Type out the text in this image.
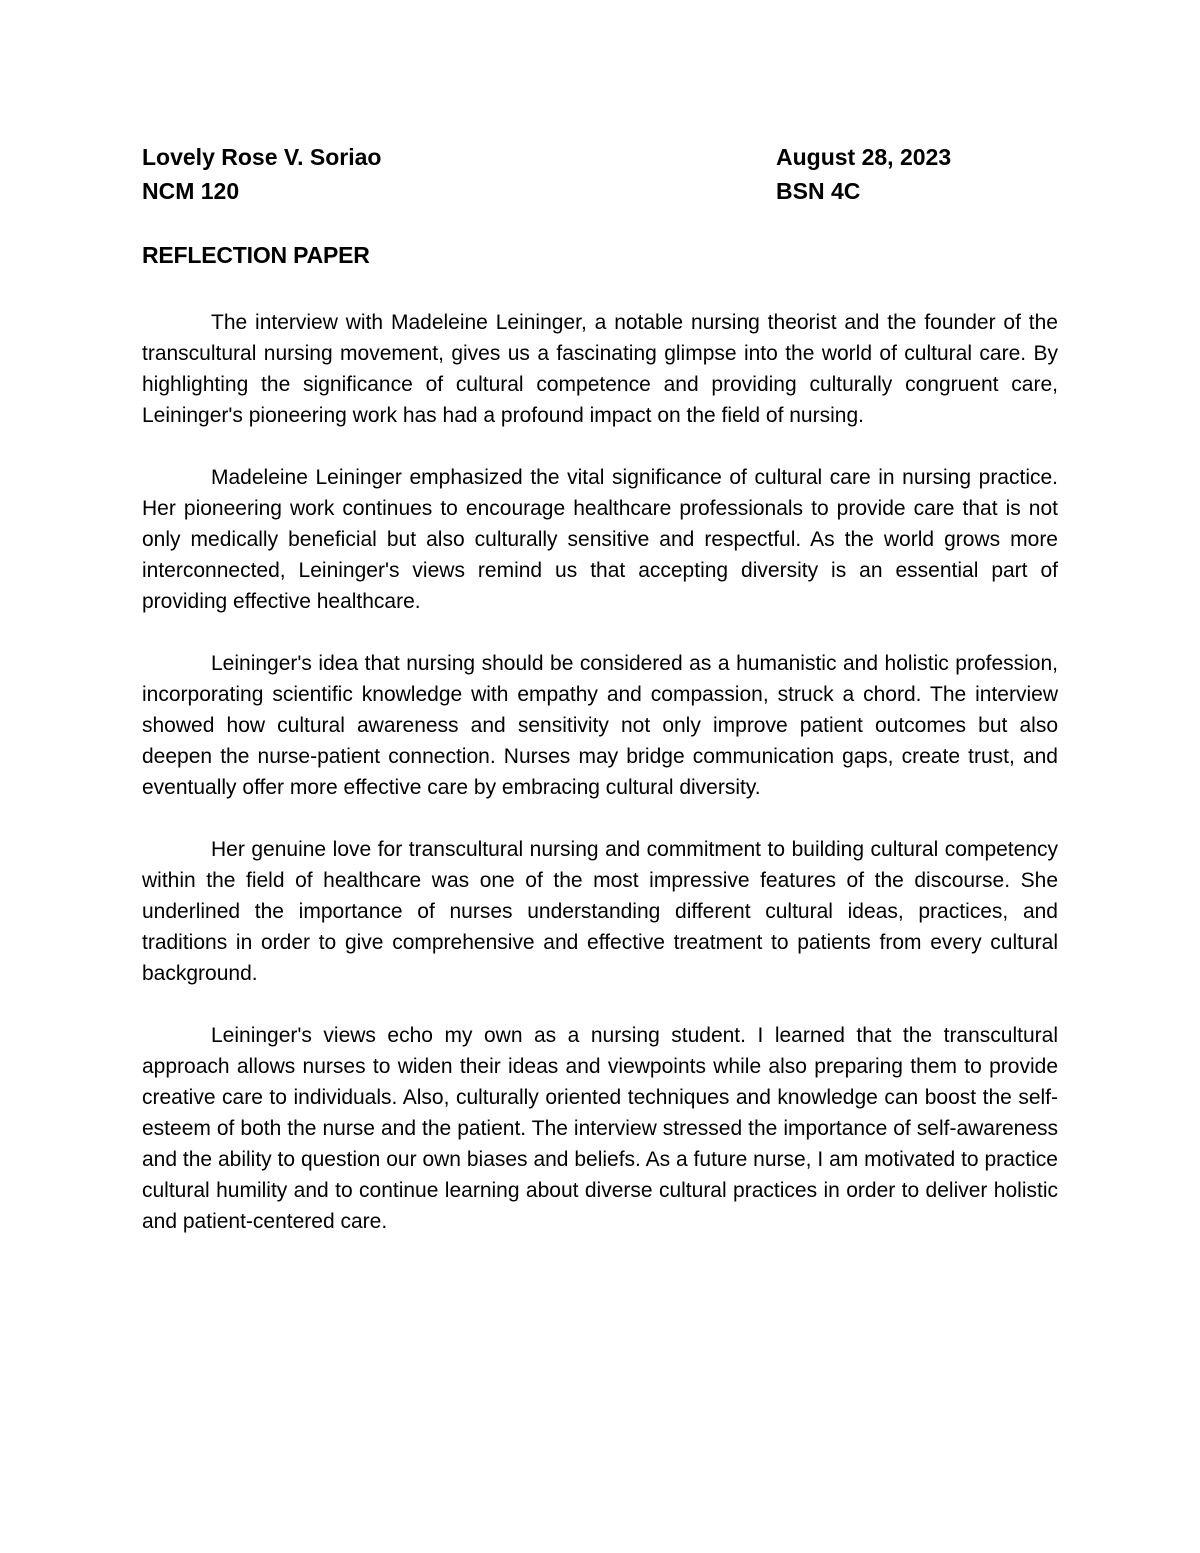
Lovely Rose V. Soriao	August 28, 2023
NCM 120	BSN 4C
REFLECTION PAPER

The interview with Madeleine Leininger, a notable nursing theorist and the founder of the transcultural nursing movement, gives us a fascinating glimpse into the world of cultural care. By highlighting the significance of cultural competence and providing culturally congruent care, Leininger's pioneering work has had a profound impact on the field of nursing.

Madeleine Leininger emphasized the vital significance of cultural care in nursing practice. Her pioneering work continues to encourage healthcare professionals to provide care that is not only medically beneficial but also culturally sensitive and respectful. As the world grows more interconnected, Leininger's views remind us that accepting diversity is an essential part of providing effective healthcare.

Leininger's idea that nursing should be considered as a humanistic and holistic profession, incorporating scientific knowledge with empathy and compassion, struck a chord. The interview showed how cultural awareness and sensitivity not only improve patient outcomes but also deepen the nurse-patient connection. Nurses may bridge communication gaps, create trust, and eventually offer more effective care by embracing cultural diversity.

Her genuine love for transcultural nursing and commitment to building cultural competency within the field of healthcare was one of the most impressive features of the discourse. She underlined the importance of nurses understanding different cultural ideas, practices, and traditions in order to give comprehensive and effective treatment to patients from every cultural background.

Leininger's views echo my own as a nursing student. I learned that the transcultural approach allows nurses to widen their ideas and viewpoints while also preparing them to provide creative care to individuals. Also, culturally oriented techniques and knowledge can boost the self-esteem of both the nurse and the patient. The interview stressed the importance of self-awareness and the ability to question our own biases and beliefs. As a future nurse, I am motivated to practice cultural humility and to continue learning about diverse cultural practices in order to deliver holistic and patient-centered care.
